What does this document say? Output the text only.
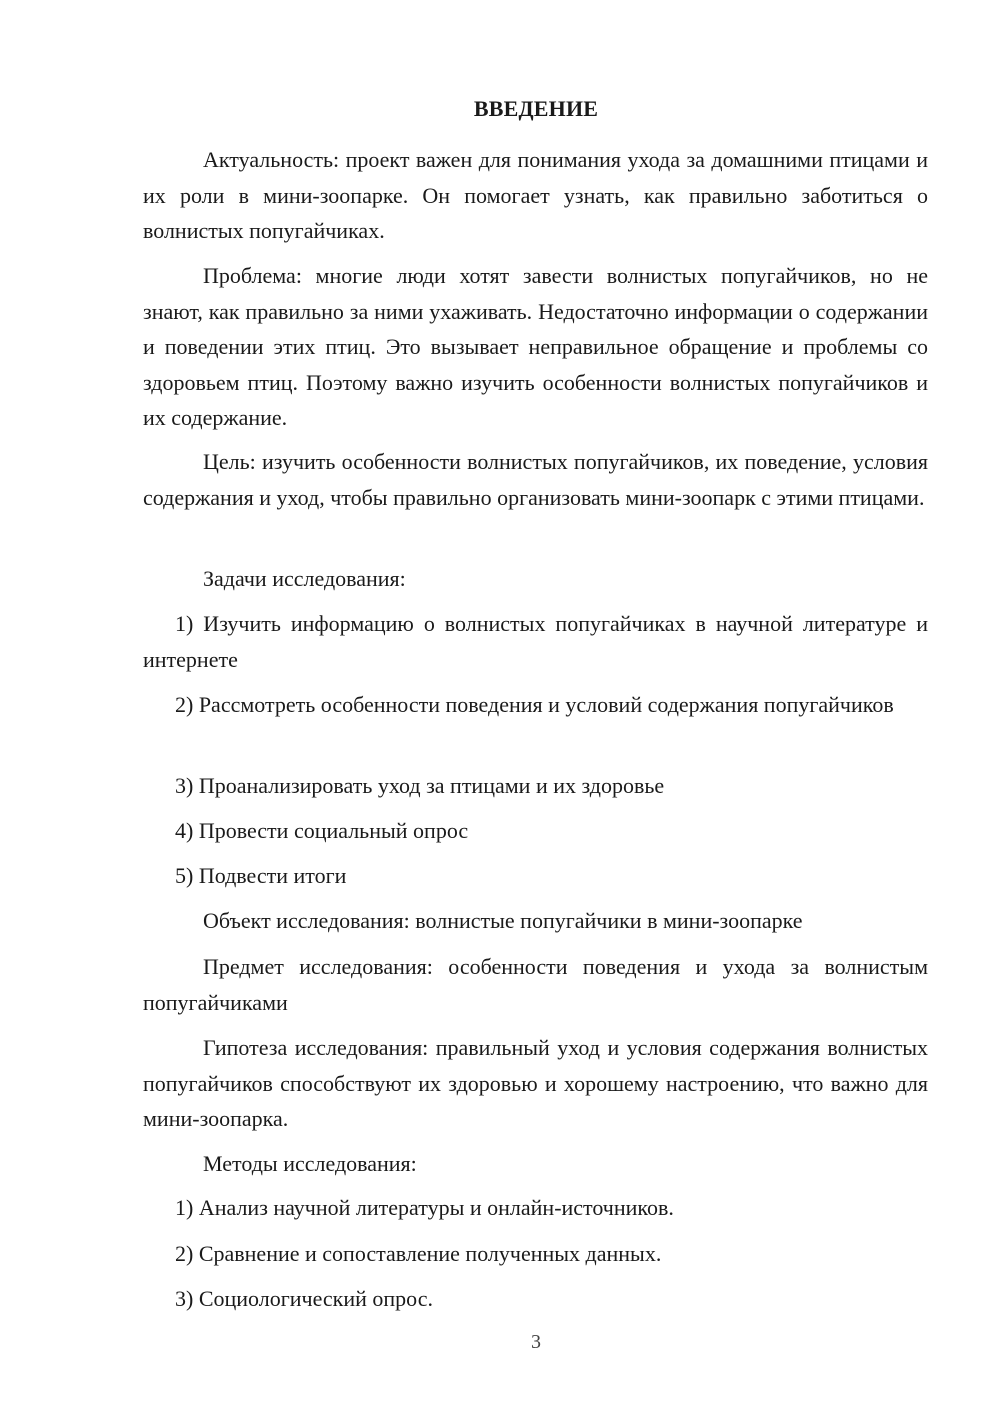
ВВЕДЕНИЕ

Актуальность: проект важен для понимания ухода за домашними птицами и их роли в мини-зоопарке. Он помогает узнать, как правильно заботиться о волнистых попугайчиках.

Проблема: многие люди хотят завести волнистых попугайчиков, но не знают, как правильно за ними ухаживать. Недостаточно информации о содержании и поведении этих птиц. Это вызывает неправильное обращение и проблемы со здоровьем птиц. Поэтому важно изучить особенности волнистых попугайчиков и их содержание.

Цель: изучить особенности волнистых попугайчиков, их поведение, условия содержания и уход, чтобы правильно организовать мини-зоопарк с этими птицами.

Задачи исследования:

1) Изучить информацию о волнистых попугайчиках в научной литературе и интернете

2) Рассмотреть особенности поведения и условий содержания попугайчиков

3) Проанализировать уход за птицами и их здоровье

4) Провести социальный опрос

5) Подвести итоги

Объект исследования: волнистые попугайчики в мини-зоопарке

Предмет исследования: особенности поведения и ухода за волнистым попугайчиками

Гипотеза исследования: правильный уход и условия содержания волнистых попугайчиков способствуют их здоровью и хорошему настроению, что важно для мини-зоопарка.

Методы исследования:

1) Анализ научной литературы и онлайн-источников.

2) Сравнение и сопоставление полученных данных.

3) Социологический опрос.

3
